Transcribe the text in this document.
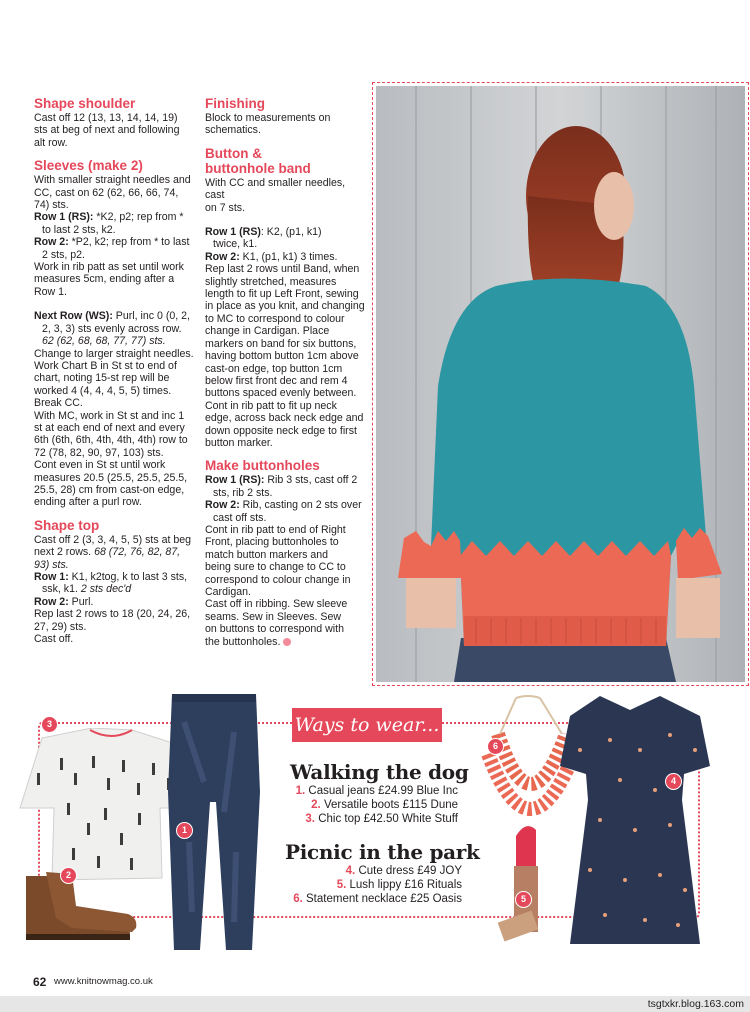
Shape shoulder

Cast off 12 (13, 13, 14, 14, 19)

sts at beg of next and following

alt row.

Sleeves (make 2)

With smaller straight needles and

CC, cast on 62 (62, 66, 66, 74,

74) sts.

Row 1 (RS): *K2, p2; rep from *

to last 2 sts, k2.

Row 2: *P2, k2; rep from * to last

2 sts, p2.

Work in rib patt as set until work

measures 5cm, ending after a

Row 1.

Next Row (WS): Purl, inc 0 (0, 2,

2, 3, 3) sts evenly across row.

62 (62, 68, 68, 77, 77) sts.

Change to larger straight needles.

Work Chart B in St st to end of

chart, noting 15-st rep will be

worked 4 (4, 4, 4, 5, 5) times.

Break CC.

With MC, work in St st and inc 1

st at each end of next and every

6th (6th, 6th, 4th, 4th, 4th) row to

72 (78, 82, 90, 97, 103) sts.

Cont even in St st until work

measures 20.5 (25.5, 25.5, 25.5,

25.5, 28) cm from cast-on edge,

ending after a purl row.

Shape top

Cast off 2 (3, 3, 4, 5, 5) sts at beg

next 2 rows. 68 (72, 76, 82, 87,

93) sts.

Row 1: K1, k2tog, k to last 3 sts,

ssk, k1. 2 sts dec'd

Row 2: Purl.

Rep last 2 rows to 18 (20, 24, 26,

27, 29) sts.

Cast off.

Finishing

Block to measurements on

schematics.

Button &

buttonhole band

With CC and smaller needles, cast

on 7 sts.

Row 1 (RS): K2, (p1, k1)

twice, k1.

Row 2: K1, (p1, k1) 3 times.

Rep last 2 rows until Band, when

slightly stretched, measures

length to fit up Left Front, sewing

in place as you knit, and changing

to MC to correspond to colour

change in Cardigan. Place

markers on band for six buttons,

having bottom button 1cm above

cast-on edge, top button 1cm

below first front dec and rem 4

buttons spaced evenly between.

Cont in rib patt to fit up neck

edge, across back neck edge and

down opposite neck edge to first

button marker.

Make buttonholes

Row 1 (RS): Rib 3 sts, cast off 2

sts, rib 2 sts.

Row 2: Rib, casting on 2 sts over

cast off sts.

Cont in rib patt to end of Right

Front, placing buttonholes to

match button markers and

being sure to change to CC to

correspond to colour change in

Cardigan.

Cast off in ribbing. Sew sleeve

seams. Sew in Sleeves. Sew

on buttons to correspond with

the buttonholes.

Ways to wear...
3
1
2
6
4
5
Walking the dog
1. Casual jeans £24.99 Blue Inc
2. Versatile boots £115 Dune
3. Chic top £42.50 White Stuff
Picnic in the park
4. Cute dress £49 JOY
5. Lush lippy £16 Rituals
6. Statement necklace £25 Oasis
62 www.knitnowmag.co.uk
tsgtxkr.blog.163.com
